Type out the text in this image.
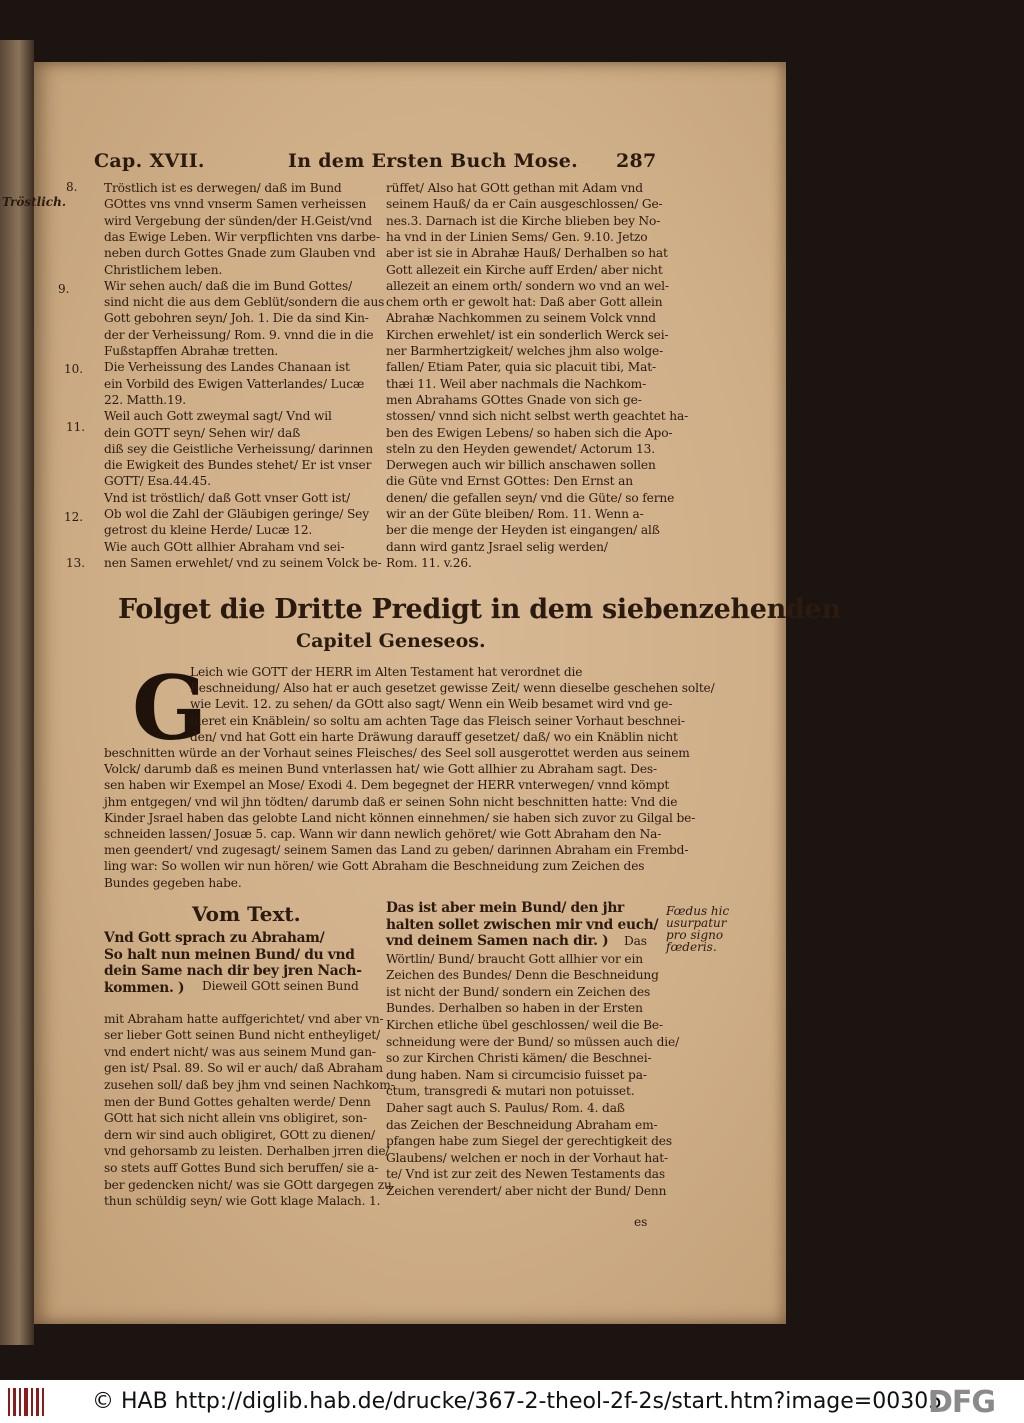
Cap. XVII.	In dem Ersten Buch Mose. 287
Tröstlich.
8.
9.
10.
11.
12.
13.
Tröstlich ist es derwegen/ daß im Bund
GOttes vns vnnd vnserm Samen verheissen
wird Vergebung der sünden/der H.Geist/vnd
das Ewige Leben. Wir verpflichten vns darbe-
neben durch Gottes Gnade zum Glauben vnd
Christlichem leben.
Wir sehen auch/ daß die im Bund Gottes/
sind nicht die aus dem Geblüt/sondern die aus
Gott gebohren seyn/ Joh. 1. Die da sind Kin-
der der Verheissung/ Rom. 9. vnnd die in die
Fußstapffen Abrahæ tretten.
Die Verheissung des Landes Chanaan ist
ein Vorbild des Ewigen Vatterlandes/ Lucæ
22. Matth.19.
Weil auch Gott zweymal sagt/ Vnd wil
dein GOTT seyn/ Sehen wir/ daß
diß sey die Geistliche Verheissung/ darinnen
die Ewigkeit des Bundes stehet/ Er ist vnser
GOTT/ Esa.44.45.
Vnd ist tröstlich/ daß Gott vnser Gott ist/
Ob wol die Zahl der Gläubigen geringe/ Sey
getrost du kleine Herde/ Lucæ 12.
Wie auch GOtt allhier Abraham vnd sei-
nen Samen erwehlet/ vnd zu seinem Volck be-
rüffet/ Also hat GOtt gethan mit Adam vnd
seinem Hauß/ da er Cain ausgeschlossen/ Ge-
nes.3. Darnach ist die Kirche blieben bey No-
ha vnd in der Linien Sems/ Gen. 9.10. Jetzo
aber ist sie in Abrahæ Hauß/ Derhalben so hat
Gott allezeit ein Kirche auff Erden/ aber nicht
allezeit an einem orth/ sondern wo vnd an wel-
chem orth er gewolt hat: Daß aber Gott allein
Abrahæ Nachkommen zu seinem Volck vnnd
Kirchen erwehlet/ ist ein sonderlich Werck sei-
ner Barmhertzigkeit/ welches jhm also wolge-
fallen/ Etiam Pater, quia sic placuit tibi, Mat-
thæi 11. Weil aber nachmals die Nachkom-
men Abrahams GOttes Gnade von sich ge-
stossen/ vnnd sich nicht selbst werth geachtet ha-
ben des Ewigen Lebens/ so haben sich die Apo-
steln zu den Heyden gewendet/ Actorum 13.
Derwegen auch wir billich anschawen sollen
die Güte vnd Ernst GOttes: Den Ernst an
denen/ die gefallen seyn/ vnd die Güte/ so ferne
wir an der Güte bleiben/ Rom. 11. Wenn a-
ber die menge der Heyden ist eingangen/ alß
dann wird gantz Jsrael selig werden/
Rom. 11. v.26.
Folget die Dritte Predigt in dem siebenzehenden
Capitel Geneseos.
G
Leich wie GOTT der HERR im Alten Testament hat verordnet die
Beschneidung/ Also hat er auch gesetzet gewisse Zeit/ wenn dieselbe geschehen solte/
wie Levit. 12. zu sehen/ da GOtt also sagt/ Wenn ein Weib besamet wird vnd ge-
bieret ein Knäblein/ so soltu am achten Tage das Fleisch seiner Vorhaut beschnei-
den/ vnd hat Gott ein harte Dräwung darauff gesetzet/ daß/ wo ein Knäblin nicht
beschnitten würde an der Vorhaut seines Fleisches/ des Seel soll ausgerottet werden aus seinem
Volck/ darumb daß es meinen Bund vnterlassen hat/ wie Gott allhier zu Abraham sagt. Des-
sen haben wir Exempel an Mose/ Exodi 4. Dem begegnet der HERR vnterwegen/ vnnd kömpt
jhm entgegen/ vnd wil jhn tödten/ darumb daß er seinen Sohn nicht beschnitten hatte: Vnd die
Kinder Jsrael haben das gelobte Land nicht können einnehmen/ sie haben sich zuvor zu Gilgal be-
schneiden lassen/ Josuæ 5. cap. Wann wir dann newlich gehöret/ wie Gott Abraham den Na-
men geendert/ vnd zugesagt/ seinem Samen das Land zu geben/ darinnen Abraham ein Frembd-
ling war: So wollen wir nun hören/ wie Gott Abraham die Beschneidung zum Zeichen des
Bundes gegeben habe.
Vom Text.
Vnd Gott sprach zu Abraham/
So halt nun meinen Bund/ du vnd
dein Same nach dir bey jren Nach-
kommen. ) Dieweil GOtt seinen Bund
mit Abraham hatte auffgerichtet/ vnd aber vn-
ser lieber Gott seinen Bund nicht entheyliget/
vnd endert nicht/ was aus seinem Mund gan-
gen ist/ Psal. 89. So wil er auch/ daß Abraham
zusehen soll/ daß bey jhm vnd seinen Nachkom-
men der Bund Gottes gehalten werde/ Denn
GOtt hat sich nicht allein vns obligiret, son-
dern wir sind auch obligiret, GOtt zu dienen/
vnd gehorsamb zu leisten. Derhalben jrren die/
so stets auff Gottes Bund sich beruffen/ sie a-
ber gedencken nicht/ was sie GOtt dargegen zu
thun schüldig seyn/ wie Gott klage Malach. 1.
Das ist aber mein Bund/ den jhr
halten sollet zwischen mir vnd euch/
vnd deinem Samen nach dir. ) Das
Wörtlin/ Bund/ braucht Gott allhier vor ein
Zeichen des Bundes/ Denn die Beschneidung
ist nicht der Bund/ sondern ein Zeichen des
Bundes. Derhalben so haben in der Ersten
Kirchen etliche übel geschlossen/ weil die Be-
schneidung were der Bund/ so müssen auch die/
so zur Kirchen Christi kämen/ die Beschnei-
dung haben. Nam si circumcisio fuisset pa-
ctum, transgredi & mutari non potuisset.
Daher sagt auch S. Paulus/ Rom. 4. daß
das Zeichen der Beschneidung Abraham em-
pfangen habe zum Siegel der gerechtigkeit des
Glaubens/ welchen er noch in der Vorhaut hat-
te/ Vnd ist zur zeit des Newen Testaments das
Zeichen verendert/ aber nicht der Bund/ Denn
es
Fœdus hic
usurpatur
pro signo
fœderis.
© HAB http://diglib.hab.de/drucke/367-2-theol-2f-2s/start.htm?image=00305
DFG
